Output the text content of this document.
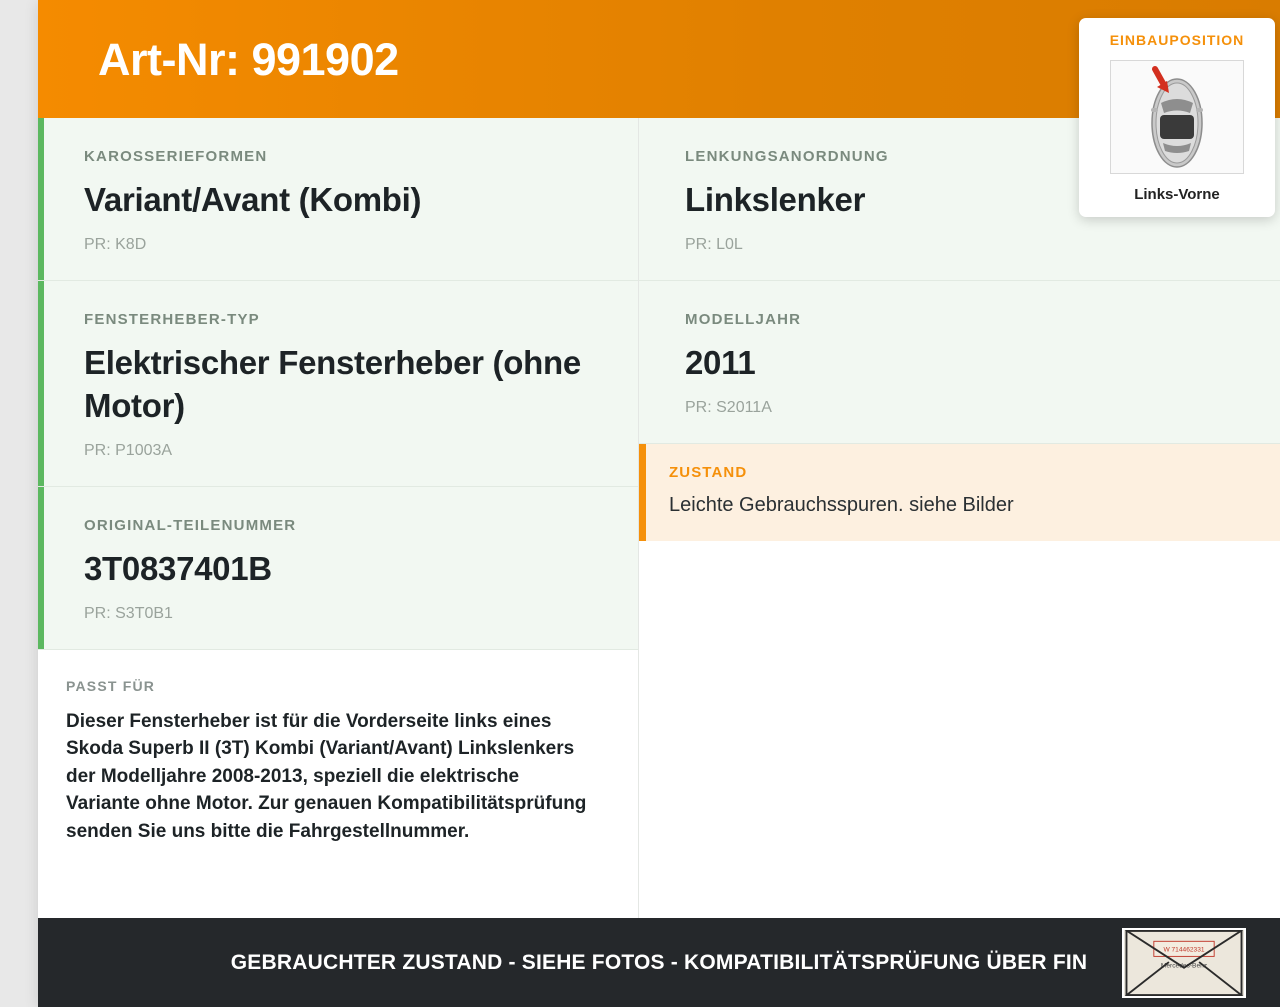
Art-Nr: 991902	EINBAUPOSITION
Links-Vorne
KAROSSERIEFORMEN
Variant/Avant (Kombi)
PR: K8D
FENSTERHEBER-TYP
Elektrischer Fensterheber (ohne Motor)
PR: P1003A
ORIGINAL-TEILENUMMER
3T0837401B
PR: S3T0B1
PASST FÜR
Dieser Fensterheber ist für die Vorderseite links eines Skoda Superb II (3T) Kombi (Variant/Avant) Linkslenkers der Modelljahre 2008-2013, speziell die elektrische Variante ohne Motor. Zur genauen Kompatibilitätsprüfung senden Sie uns bitte die Fahrgestellnummer.
LENKUNGSANORDNUNG
Linkslenker
PR: L0L
MODELLJAHR
2011
PR: S2011A
ZUSTAND
Leichte Gebrauchsspuren. siehe Bilder
GEBRAUCHTER ZUSTAND - SIEHE FOTOS - KOMPATIBILITÄTSPRÜFUNG ÜBER FIN
W 714462331
Mercedes-Benz
